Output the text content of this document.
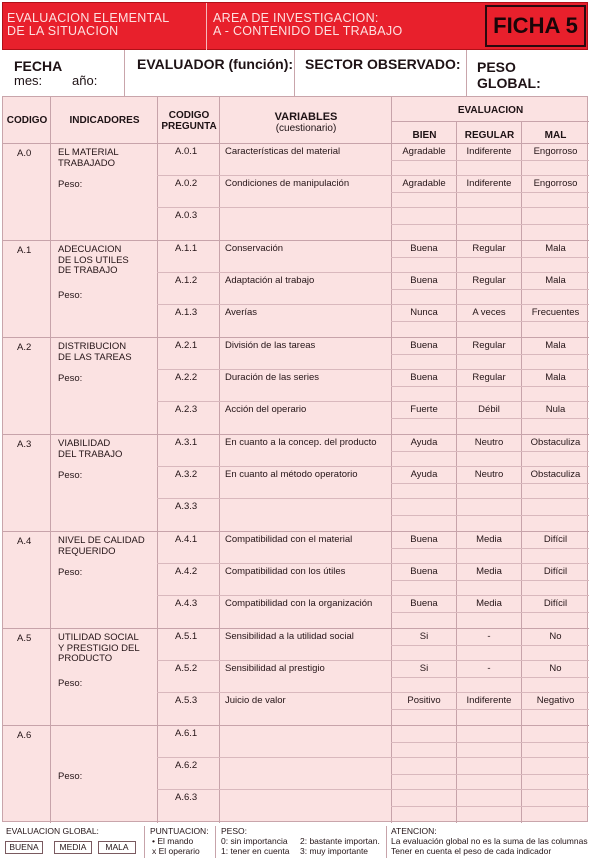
EVALUACION ELEMENTAL
DE LA SITUACION
AREA DE INVESTIGACION:
A - CONTENIDO DEL TRABAJO	FICHA 5
FECHA
mes: año:
EVALUADOR (función): SECTOR OBSERVADO: PESO
GLOBAL:
CODIGO	INDICADORES	CODIGO
PREGUNTA
VARIABLES
(cuestionario)
EVALUACION
BIEN	REGULAR	MAL
A.0	EL MATERIAL
TRABAJADO
Peso:
A.0.1	Características del material	Agradable	Indiferente	Engorroso
A.0.2	Condiciones de manipulación	Agradable	Indiferente	Engorroso
A.0.3
A.1	ADECUACION
DE LOS UTILES
DE TRABAJO
Peso:
A.1.1	Conservación	Buena	Regular	Mala
A.1.2	Adaptación al trabajo	Buena	Regular	Mala
A.1.3	Averías	Nunca	A veces	Frecuentes
A.2	DISTRIBUCION
DE LAS TAREAS
Peso:
A.2.1	División de las tareas	Buena	Regular	Mala
A.2.2	Duración de las series	Buena	Regular	Mala
A.2.3	Acción del operario	Fuerte	Débil	Nula
A.3	VIABILIDAD
DEL TRABAJO
Peso:
A.3.1	En cuanto a la concep. del producto	Ayuda	Neutro	Obstaculiza
A.3.2	En cuanto al método operatorio	Ayuda	Neutro	Obstaculiza
A.3.3
A.4	NIVEL DE CALIDAD
REQUERIDO
Peso:
A.4.1	Compatibilidad con el material	Buena	Media	Difícil
A.4.2	Compatibilidad con los útiles	Buena	Media	Difícil
A.4.3	Compatibilidad con la organización	Buena	Media	Difícil
A.5	UTILIDAD SOCIAL
Y PRESTIGIO DEL
PRODUCTO
Peso:
A.5.1	Sensibilidad a la utilidad social	Si	-	No
A.5.2	Sensibilidad al prestigio	Si	-	No
A.5.3	Juicio de valor	Positivo	Indiferente	Negativo
A.6
Peso:
A.6.1
A.6.2
A.6.3
EVALUACION GLOBAL:
BUENA	MEDIA	MALA
PUNTUACION:
• El mando
x El operario
PESO:
0: sin importancia
1: tener en cuenta
2: bastante importan.
3: muy importante
ATENCION:
La evaluación global no es la suma de las columnas
Tener en cuenta el peso de cada indicador
